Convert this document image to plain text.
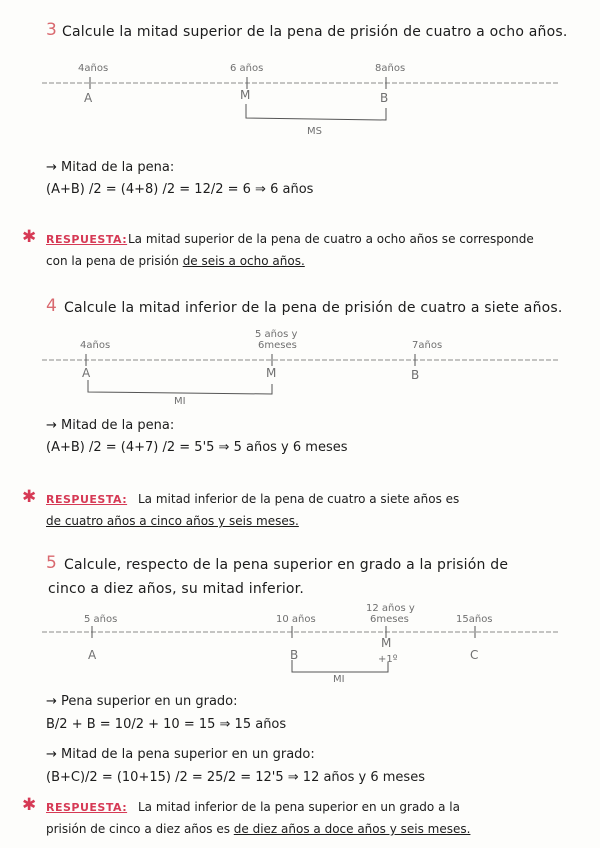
3 Calcule la mitad superior de la pena de prisión de cuatro a ocho años.
4años	6 años	8años
A	M	B
MS
→ Mitad de la pena:
(A+B) /2 = (4+8) /2 = 12/2 = 6 ⇒ 6 años
✱ RESPUESTA: La mitad superior de la pena de cuatro a ocho años se corresponde
con la pena de prisión de seis a ocho años.
4 Calcule la mitad inferior de la pena de prisión de cuatro a siete años.
4años
5 años y
6meses	7años
A	M	B
MI
→ Mitad de la pena:
(A+B) /2 = (4+7) /2 = 5'5 ⇒ 5 años y 6 meses
✱ RESPUESTA: La mitad inferior de la pena de cuatro a siete años es
de cuatro años a cinco años y seis meses.
5 Calcule, respecto de la pena superior en grado a la prisión de
cinco a diez años, su mitad inferior.
5 años	10 años
12 años y
6meses	15años
A	B
M
+1º	C
MI
→ Pena superior en un grado:
B/2 + B = 10/2 + 10 = 15 ⇒ 15 años
→ Mitad de la pena superior en un grado:
(B+C)/2 = (10+15) /2 = 25/2 = 12'5 ⇒ 12 años y 6 meses
✱ RESPUESTA: La mitad inferior de la pena superior en un grado a la
prisión de cinco a diez años es de diez años a doce años y seis meses.
